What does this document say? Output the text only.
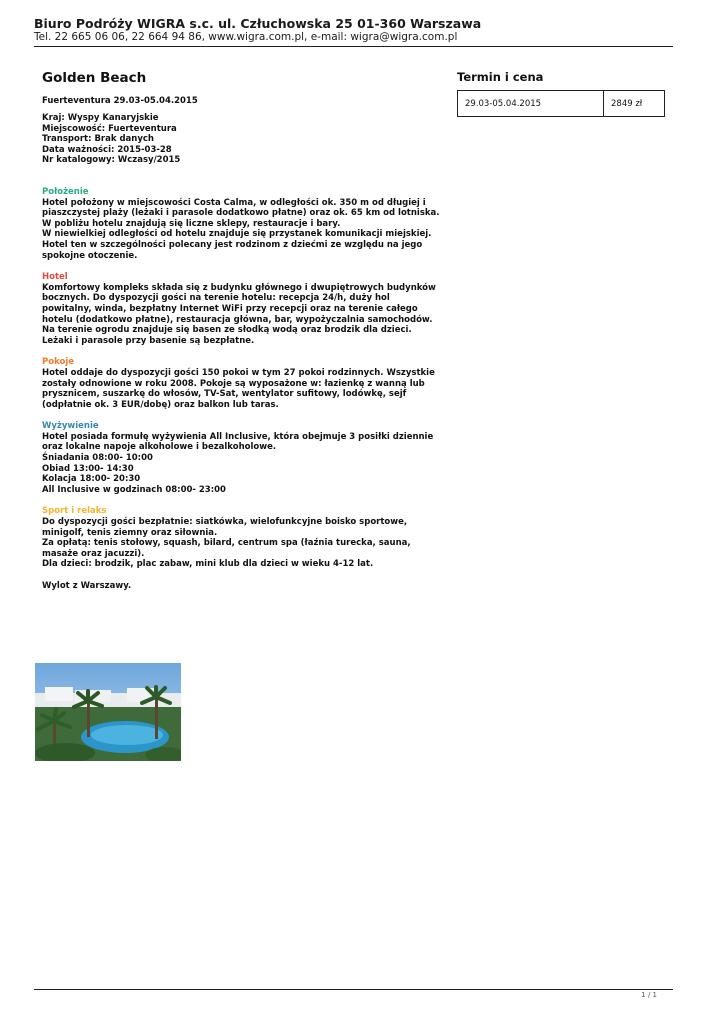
Biuro Podróży WIGRA s.c. ul. Człuchowska 25 01-360 Warszawa
Tel. 22 665 06 06, 22 664 94 86, www.wigra.com.pl, e-mail: wigra@wigra.com.pl
Golden Beach
Fuerteventura 29.03-05.04.2015
Kraj: Wyspy Kanaryjskie
Miejscowość: Fuerteventura
Transport: Brak danych
Data ważności: 2015-03-28
Nr katalogowy: Wczasy/2015
Położenie
Hotel położony w miejscowości Costa Calma, w odległości ok. 350 m od długiej i
piaszczystej plaży (leżaki i parasole dodatkowo płatne) oraz ok. 65 km od lotniska.
W pobliżu hotelu znajdują się liczne sklepy, restauracje i bary.
W niewielkiej odległości od hotelu znajduje się przystanek komunikacji miejskiej.
Hotel ten w szczególności polecany jest rodzinom z dziećmi ze względu na jego
spokojne otoczenie.
Hotel
Komfortowy kompleks składa się z budynku głównego i dwupiętrowych budynków
bocznych. Do dyspozycji gości na terenie hotelu: recepcja 24/h, duży hol
powitalny, winda, bezpłatny Internet WiFi przy recepcji oraz na terenie całego
hotelu (dodatkowo płatne), restauracja główna, bar, wypożyczalnia samochodów.
Na terenie ogrodu znajduje się basen ze słodką wodą oraz brodzik dla dzieci.
Leżaki i parasole przy basenie są bezpłatne.
Pokoje
Hotel oddaje do dyspozycji gości 150 pokoi w tym 27 pokoi rodzinnych. Wszystkie
zostały odnowione w roku 2008. Pokoje są wyposażone w: łazienkę z wanną lub
prysznicem, suszarkę do włosów, TV-Sat, wentylator sufitowy, lodówkę, sejf
(odpłatnie ok. 3 EUR/dobę) oraz balkon lub taras.
Wyżywienie
Hotel posiada formułę wyżywienia All Inclusive, która obejmuje 3 posiłki dziennie
oraz lokalne napoje alkoholowe i bezalkoholowe.
Śniadania 08:00- 10:00
Obiad 13:00- 14:30
Kolacja 18:00- 20:30
All Inclusive w godzinach 08:00- 23:00
Sport i relaks
Do dyspozycji gości bezpłatnie: siatkówka, wielofunkcyjne boisko sportowe,
minigolf, tenis ziemny oraz siłownia.
Za opłatą: tenis stołowy, squash, bilard, centrum spa (łaźnia turecka, sauna,
masaże oraz jacuzzi).
Dla dzieci: brodzik, plac zabaw, mini klub dla dzieci w wieku 4-12 lat.
Wylot z Warszawy.
Termin i cena
29.03-05.04.2015	2849 zł
1 / 1
